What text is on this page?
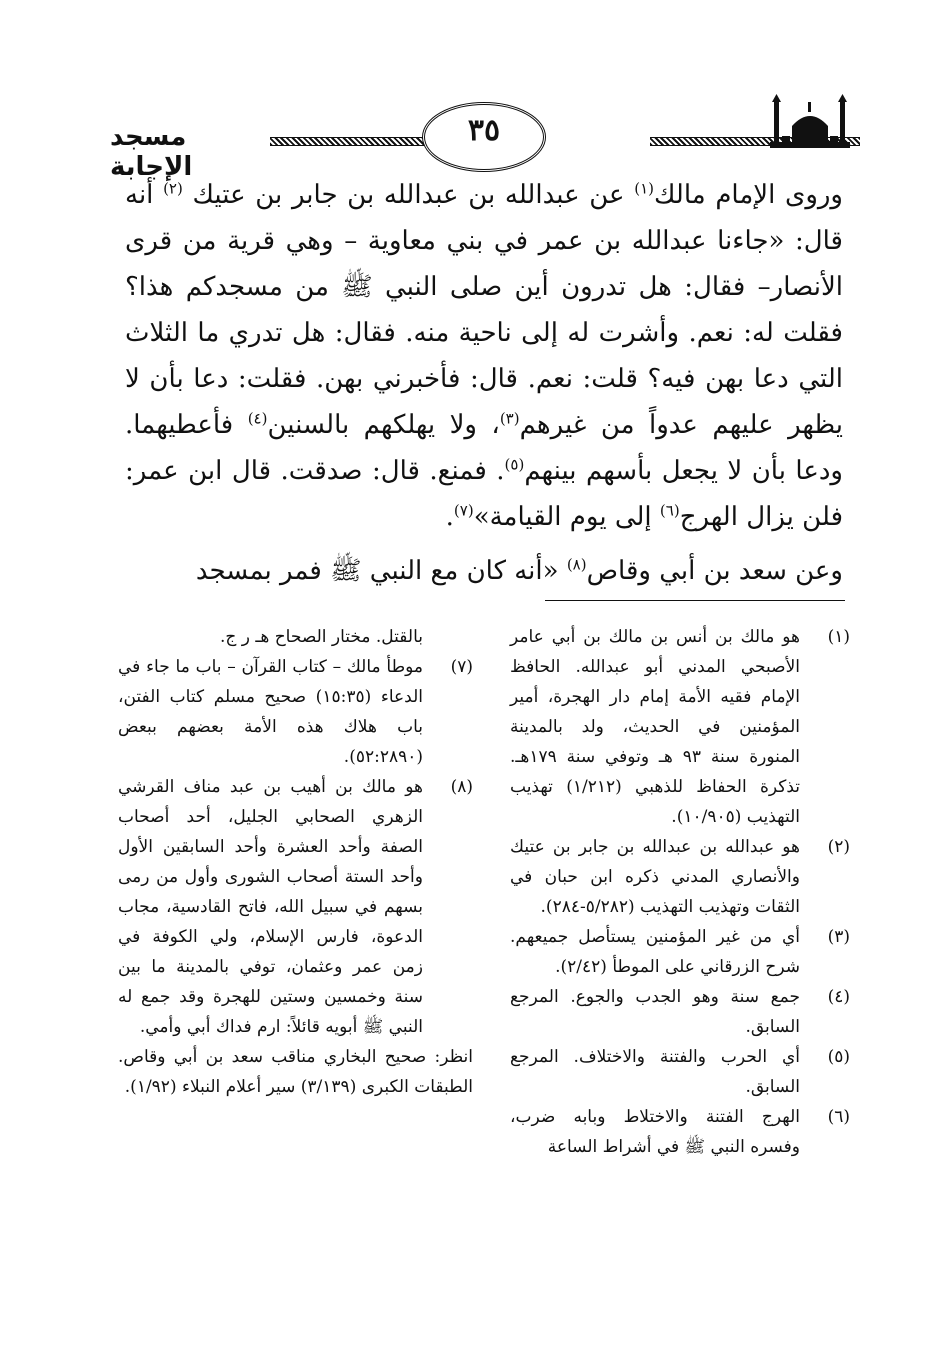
مسجد الإجابة
٣٥

وروى الإمام مالك$^{(١)}$ عن عبدالله بن عبدالله بن جابر بن عتيك $^{(٢)}$ أنه قال: «جاءنا عبدالله بن عمر في بني معاوية – وهي قرية من قرى الأنصار– فقال: هل تدرون أين صلى النبي ﷺ من مسجدكم هذا؟ فقلت له: نعم. وأشرت له إلى ناحية منه. فقال: هل تدري ما الثلاث التي دعا بهن فيه؟ قلت: نعم. قال: فأخبرني بهن. فقلت: دعا بأن لا يظهر عليهم عدواً من غيرهم$^{(٣)}$، ولا يهلكهم بالسنين$^{(٤)}$ فأعطيهما. ودعا بأن لا يجعل بأسهم بينهم$^{(٥)}$. فمنع. قال: صدقت. قال ابن عمر: فلن يزال الهرج$^{(٦)}$ إلى يوم القيامة»$^{(٧)}$.

وعن سعد بن أبي وقاص$^{(٨)}$ «أنه كان مع النبي ﷺ فمر بمسجد

(١)
هو مالك بن أنس بن مالك بن أبي عامر الأصبحي المدني أبو عبدالله. الحافظ الإمام فقيه الأمة إمام دار الهجرة، أمير المؤمنين في الحديث، ولد بالمدينة المنورة سنة ٩٣ هـ وتوفي سنة ١٧٩هـ. تذكرة الحفاظ للذهبي (١/٢١٢) تهذيب التهذيب (١٠/٩٠٥).
(٢)
هو عبدالله بن عبدالله بن جابر بن عتيك والأنصاري المدني ذكره ابن حبان في الثقات وتهذيب التهذيب (٥/٢٨٢-٢٨٤).
(٣)
أي من غير المؤمنين يستأصل جميعهم. شرح الزرقاني على الموطأ (٢/٤٢).
(٤)
جمع سنة وهو الجدب والجوع. المرجع السابق.
(٥)
أي الحرب والفتنة والاختلاف. المرجع السابق.
(٦)
الهرج الفتنة والاختلاط وبابه ضرب، وفسره النبي ﷺ في أشراط الساعة

بالقتل. مختار الصحاح هـ ر ج.

(٧)
موطأ مالك – كتاب القرآن – باب ما جاء في الدعاء (١٥:٣٥) صحيح مسلم كتاب الفتن، باب هلاك هذه الأمة بعضهم ببعض (٥٢:٢٨٩٠).
(٨)
هو مالك بن أهيب بن عبد مناف القرشي الزهري الصحابي الجليل، أحد أصحاب الصفة وأحد العشرة وأحد السابقين الأول وأحد الستة أصحاب الشورى وأول من رمى بسهم في سبيل الله، فاتح القادسية، مجاب الدعوة، فارس الإسلام، ولي الكوفة في زمن عمر وعثمان، توفي بالمدينة ما بين سنة وخمسين وستين للهجرة وقد جمع له النبي ﷺ أبويه قائلاً: ارم فداك أبي وأمي.

انظر: صحيح البخاري مناقب سعد بن أبي وقاص. الطبقات الكبرى (٣/١٣٩) سير أعلام النبلاء (١/٩٢).
